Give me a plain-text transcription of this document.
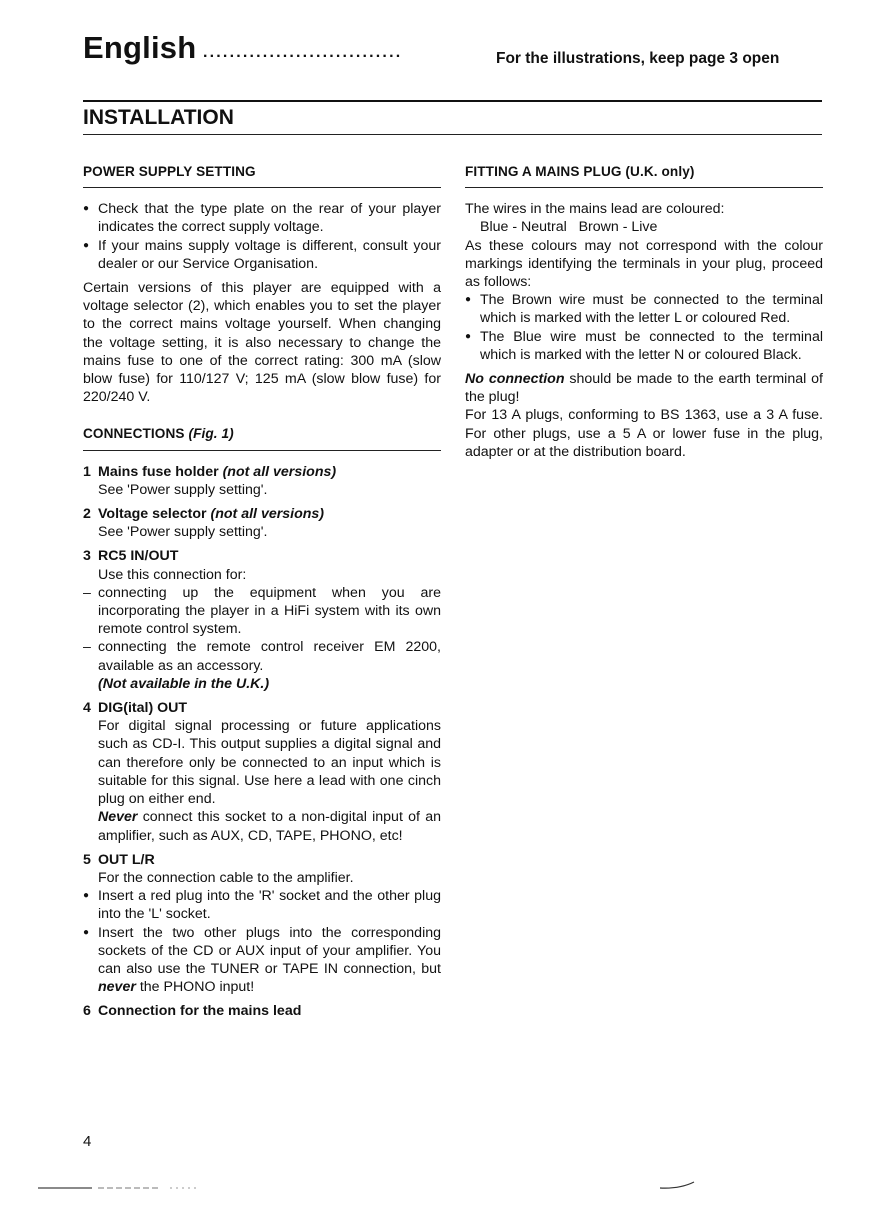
English ..............................	For the illustrations, keep page 3 open
INSTALLATION
POWER SUPPLY SETTING
● Check that the type plate on the rear of your player indicates the correct supply voltage.
● If your mains supply voltage is different, consult your dealer or our Service Organisation.

Certain versions of this player are equipped with a voltage selector (2), which enables you to set the player to the correct mains voltage yourself. When changing the voltage setting, it is also necessary to change the mains fuse to one of the correct rating: 300 mA (slow blow fuse) for 110/127 V; 125 mA (slow blow fuse) for 220/240 V.

CONNECTIONS (Fig. 1)
1 Mains fuse holder (not all versions)
See 'Power supply setting'.
2 Voltage selector (not all versions)
See 'Power supply setting'.
3 RC5 IN/OUT
Use this connection for:
– connecting up the equipment when you are incorporating the player in a HiFi system with its own remote control system.
– connecting the remote control receiver EM 2200, available as an accessory.
(Not available in the U.K.)
4 DIG(ital) OUT
For digital signal processing or future applications such as CD-I. This output supplies a digital signal and can therefore only be connected to an input which is suitable for this signal. Use here a lead with one cinch plug on either end.
Never connect this socket to a non-digital input of an amplifier, such as AUX, CD, TAPE, PHONO, etc!
5 OUT L/R
For the connection cable to the amplifier.
● Insert a red plug into the 'R' socket and the other plug into the 'L' socket.
● Insert the two other plugs into the corresponding sockets of the CD or AUX input of your amplifier. You can also use the TUNER or TAPE IN connection, but never the PHONO input!
6 Connection for the mains lead
FITTING A MAINS PLUG (U.K. only)
The wires in the mains lead are coloured:
Blue - Neutral   Brown - Live

As these colours may not correspond with the colour markings identifying the terminals in your plug, proceed as follows:

● The Brown wire must be connected to the terminal which is marked with the letter L or coloured Red.
● The Blue wire must be connected to the terminal which is marked with the letter N or coloured Black.
No connection should be made to the earth terminal of the plug!
For 13 A plugs, conforming to BS 1363, use a 3 A fuse. For other plugs, use a 5 A or lower fuse in the plug, adapter or at the distribution board.
4
